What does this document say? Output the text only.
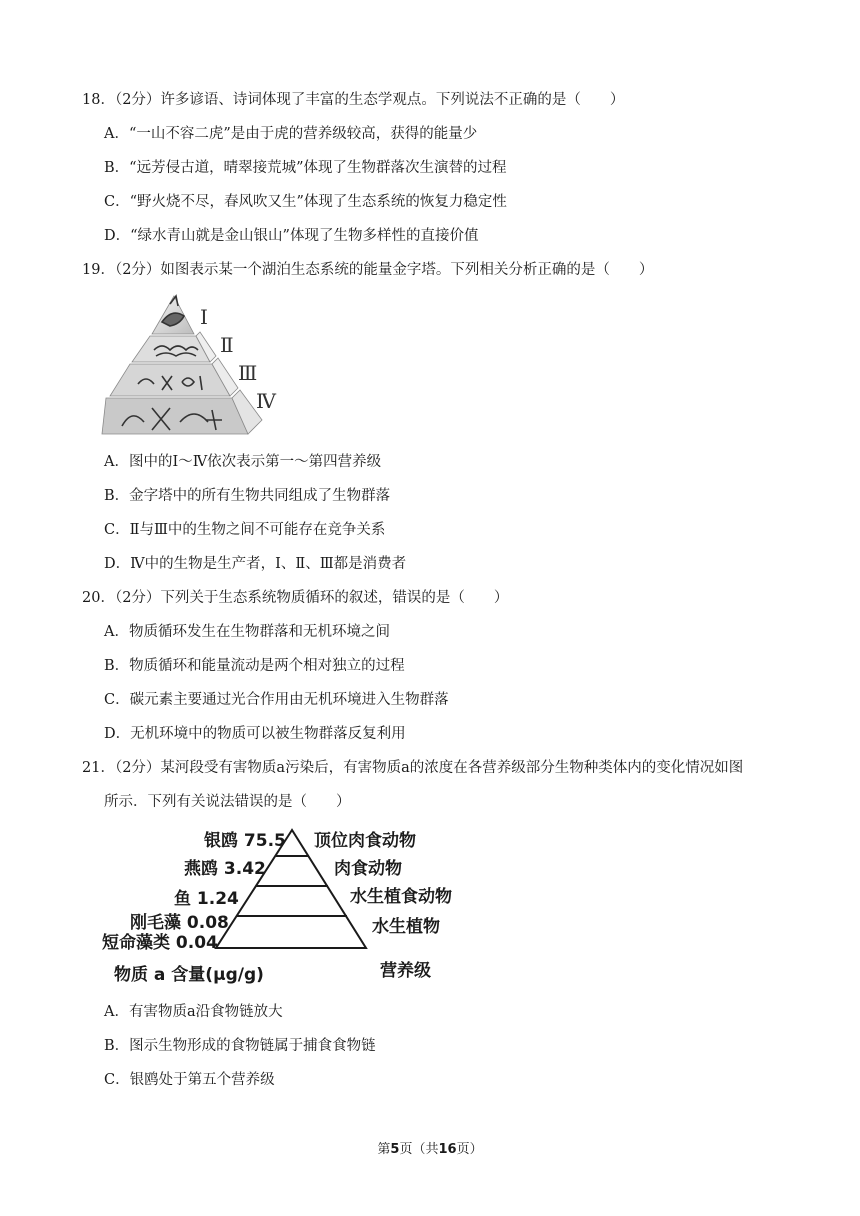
18．（2分）许多谚语、诗词体现了丰富的生态学观点。下列说法不正确的是（　　）
A．“一山不容二虎”是由于虎的营养级较高，获得的能量少
B．“远芳侵古道，晴翠接荒城”体现了生物群落次生演替的过程
C．“野火烧不尽，春风吹又生”体现了生态系统的恢复力稳定性
D．“绿水青山就是金山银山”体现了生物多样性的直接价值
19．（2分）如图表示某一个湖泊生态系统的能量金字塔。下列相关分析正确的是（　　）
Ⅰ
Ⅱ
Ⅲ
Ⅳ
A．图中的Ⅰ～Ⅳ依次表示第一～第四营养级
B．金字塔中的所有生物共同组成了生物群落
C．Ⅱ与Ⅲ中的生物之间不可能存在竞争关系
D．Ⅳ中的生物是生产者，Ⅰ、Ⅱ、Ⅲ都是消费者
20．（2分）下列关于生态系统物质循环的叙述，错误的是（　　）
A．物质循环发生在生物群落和无机环境之间
B．物质循环和能量流动是两个相对独立的过程
C．碳元素主要通过光合作用由无机环境进入生物群落
D．无机环境中的物质可以被生物群落反复利用
21．（2分）某河段受有害物质a污染后，有害物质a的浓度在各营养级部分生物种类体内的变化情况如图
所示．下列有关说法错误的是（　　）
银鸥 75.5
燕鸥 3.42
鱼 1.24
刚毛藻 0.08
短命藻类 0.04
顶位肉食动物
肉食动物
水生植食动物
水生植物
物质 a 含量(μg/g)	营养级
A．有害物质a沿食物链放大
B．图示生物形成的食物链属于捕食食物链
C．银鸥处于第五个营养级
第5页（共16页）
